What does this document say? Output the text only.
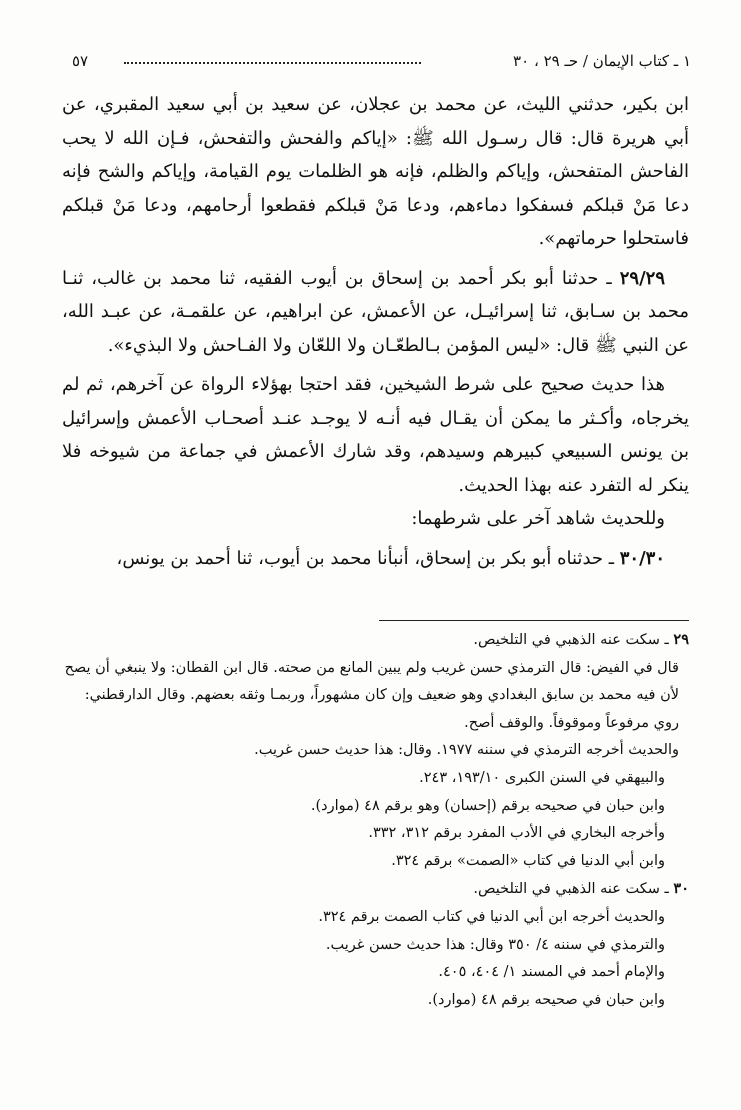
١ ـ كتاب الإيمان / حـ ٢٩ ، ٣٠
٥٧

ابن بكير، حدثني الليث، عن محمد بن عجلان، عن سعيد بن أبي سعيد المقبري، عن أبي هريرة قال: قال رسـول الله ﷺ: «إياكم والفحش والتفحش، فـإن الله لا يحب الفاحش المتفحش، وإياكم والظلم، فإنه هو الظلمات يوم القيامة، وإياكم والشح فإنه دعا مَنْ قبلكم فسفكوا دماءهم، ودعا مَنْ قبلكم فقطعوا أرحامهم، ودعا مَنْ قبلكم فاستحلوا حرماتهم».

٢٩/٢٩ ـ حدثنا أبو بكر أحمد بن إسحاق بن أيوب الفقيه، ثنا محمد بن غالب، ثنـا محمد بن سـابق، ثنا إسرائيـل، عن الأعمش، عن ابراهيم، عن علقمـة، عن عبـد الله، عن النبي ﷺ قال: «ليس المؤمن بـالطعّـان ولا اللعّان ولا الفـاحش ولا البذيء».

هذا حديث صحيح على شرط الشيخين، فقد احتجا بهؤلاء الرواة عن آخرهم، ثم لم يخرجاه، وأكـثر ما يمكن أن يقـال فيه أنـه لا يوجـد عنـد أصحـاب الأعمش وإسرائيل بن يونس السبيعي كبيرهم وسيدهم، وقد شارك الأعمش في جماعة من شيوخه فلا ينكر له التفرد عنه بهذا الحديث.

وللحديث شاهد آخر على شرطهما:

٣٠/٣٠ ـ حدثناه أبو بكر بن إسحاق، أنبأنا محمد بن أيوب، ثنا أحمد بن يونس،

٢٩ ـ سكت عنه الذهبي في التلخيص.

قال في الفيض: قال الترمذي حسن غريب ولم يبين المانع من صحته. قال ابن القطان: ولا ينبغي أن يصح لأن فيه محمد بن سابق البغدادي وهو ضعيف وإن كان مشهوراً، وربمـا وثقه بعضهم. وقال الدارقطني: روي مرفوعاً وموقوفاً. والوقف أصح.

والحديث أخرجه الترمذي في سننه ١٩٧٧. وقال: هذا حديث حسن غريب.

والبيهقي في السنن الكبرى ١٩٣/١٠، ٢٤٣.

وابن حبان في صحيحه برقم (إحسان) وهو برقم ٤٨ (موارد).

وأخرجه البخاري في الأدب المفرد برقم ٣١٢، ٣٣٢.

وابن أبي الدنيا في كتاب «الصمت» برقم ٣٢٤.

٣٠ ـ سكت عنه الذهبي في التلخيص.

والحديث أخرجه ابن أبي الدنيا في كتاب الصمت برقم ٣٢٤.

والترمذي في سننه ٤/ ٣٥٠ وقال: هذا حديث حسن غريب.

والإمام أحمد في المسند ١/ ٤٠٤، ٤٠٥.

وابن حبان في صحيحه برقم ٤٨ (موارد).
